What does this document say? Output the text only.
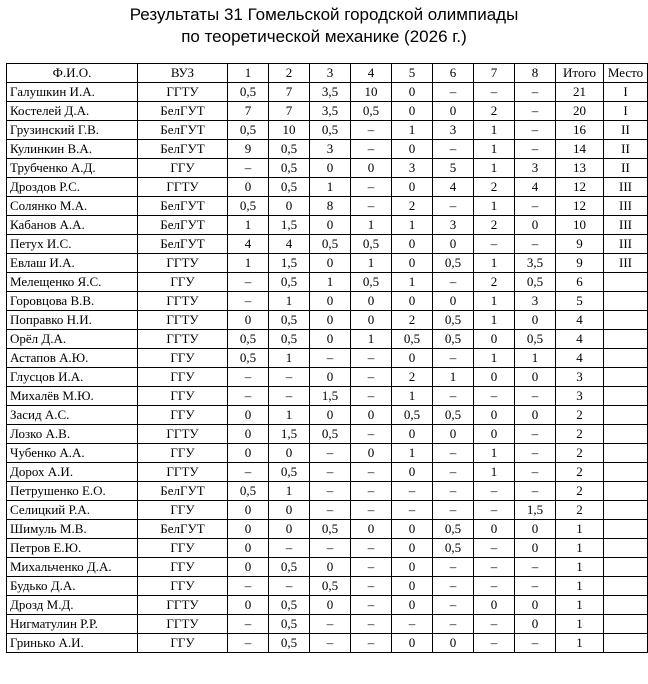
Результаты 31 Гомельской городской олимпиады
по теоретической механике (2026 г.)
Ф.И.О.	ВУЗ	1	2	3	4	5	6	7	8	Итого	Место
Галушкин И.А.	ГГТУ	0,5	7	3,5	10	0	–	–	–	21	I
Костелей Д.А.	БелГУТ	7	7	3,5	0,5	0	0	2	–	20	I
Грузинский Г.В.	БелГУТ	0,5	10	0,5	–	1	3	1	–	16	II
Кулинкин В.А.	БелГУТ	9	0,5	3	–	0	–	1	–	14	II
Трубченко А.Д.	ГГУ	–	0,5	0	0	3	5	1	3	13	II
Дроздов Р.С.	ГГТУ	0	0,5	1	–	0	4	2	4	12	III
Солянко М.А.	БелГУТ	0,5	0	8	–	2	–	1	–	12	III
Кабанов А.А.	БелГУТ	1	1,5	0	1	1	3	2	0	10	III
Петух И.С.	БелГУТ	4	4	0,5	0,5	0	0	–	–	9	III
Евлаш И.А.	ГГТУ	1	1,5	0	1	0	0,5	1	3,5	9	III
Мелещенко Я.С.	ГГУ	–	0,5	1	0,5	1	–	2	0,5	6	
Горовцова В.В.	ГГТУ	–	1	0	0	0	0	1	3	5	
Поправко Н.И.	ГГТУ	0	0,5	0	0	2	0,5	1	0	4	
Орёл Д.А.	ГГТУ	0,5	0,5	0	1	0,5	0,5	0	0,5	4	
Астапов А.Ю.	ГГУ	0,5	1	–	–	0	–	1	1	4	
Глусцов И.А.	ГГУ	–	–	0	–	2	1	0	0	3	
Михалёв М.Ю.	ГГУ	–	–	1,5	–	1	–	–	–	3	
Засид А.С.	ГГУ	0	1	0	0	0,5	0,5	0	0	2	
Лозко А.В.	ГГТУ	0	1,5	0,5	–	0	0	0	–	2	
Чубенко А.А.	ГГУ	0	0	–	0	1	–	1	–	2	
Дорох А.И.	ГГТУ	–	0,5	–	–	0	–	1	–	2	
Петрушенко Е.О.	БелГУТ	0,5	1	–	–	–	–	–	–	2	
Селицкий Р.А.	ГГУ	0	0	–	–	–	–	–	1,5	2	
Шимуль М.В.	БелГУТ	0	0	0,5	0	0	0,5	0	0	1	
Петров Е.Ю.	ГГУ	0	–	–	–	0	0,5	–	0	1	
Михальченко Д.А.	ГГУ	0	0,5	0	–	0	–	–	–	1	
Будько Д.А.	ГГУ	–	–	0,5	–	0	–	–	–	1	
Дрозд М.Д.	ГГТУ	0	0,5	0	–	0	–	0	0	1	
Нигматулин Р.Р.	ГГТУ	–	0,5	–	–	–	–	–	0	1	
Гринько А.И.	ГГУ	–	0,5	–	–	0	0	–	–	1	
